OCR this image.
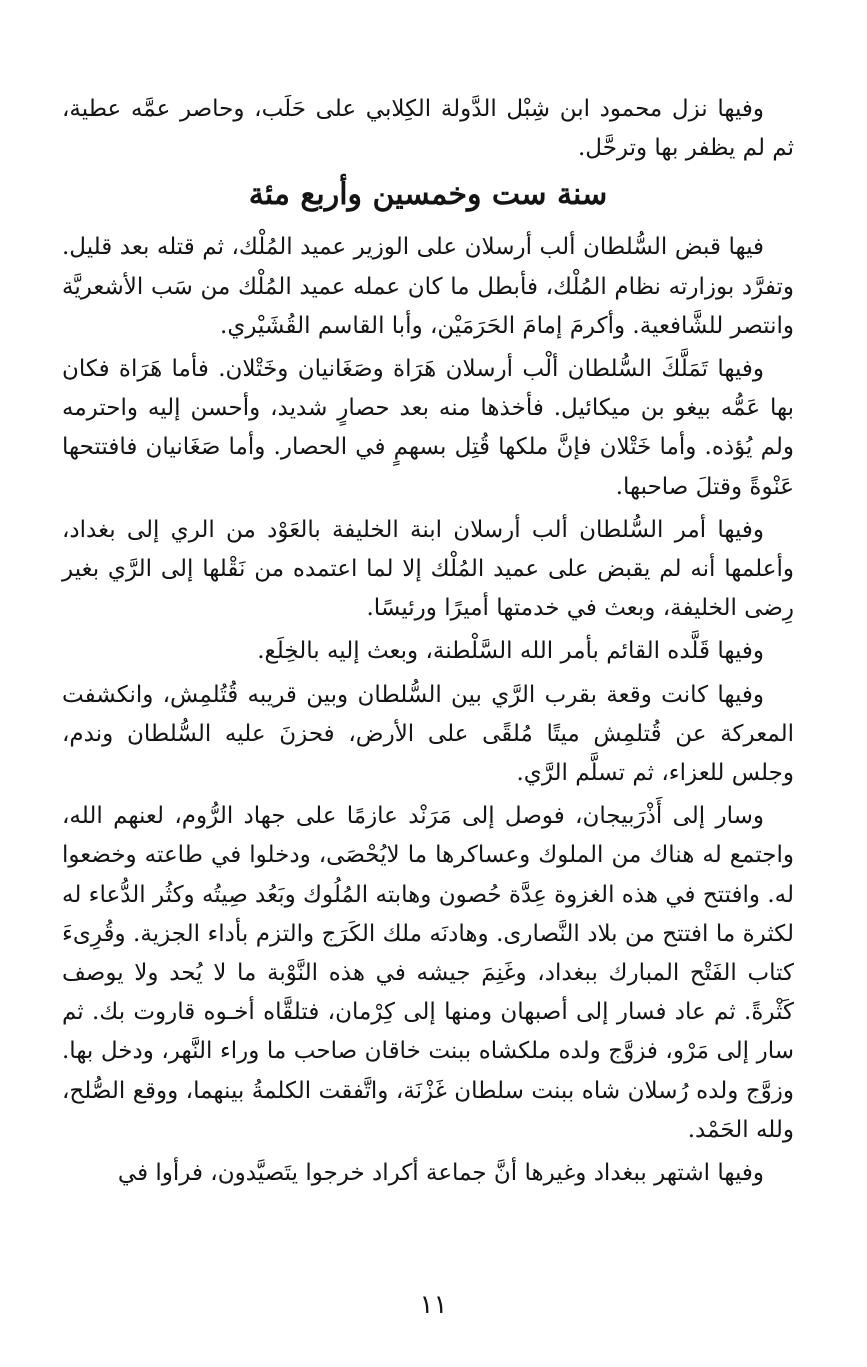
وفيها نزل محمود ابن شِبْل الدَّولة الكِلابي على حَلَب، وحاصر عمَّه عطية، ثم لم يظفر بها وترحَّل.

سنة ست وخمسين وأربع مئة

فيها قبض السُّلطان ألب أرسلان على الوزير عميد المُلْك، ثم قتله بعد قليل. وتفرَّد بوزارته نظام المُلْك، فأبطل ما كان عمله عميد المُلْك من سَب الأشعريَّة وانتصر للشَّافعية. وأكرمَ إمامَ الحَرَمَيْن، وأبا القاسم القُشَيْري.

وفيها تَمَلَّكَ السُّلطان ألْب أرسلان هَرَاة وصَغَانيان وخَتْلان. فأما هَرَاة فكان بها عَمُّه بيغو بن ميكائيل. فأخذها منه بعد حصارٍ شديد، وأحسن إليه واحترمه ولم يُؤذه. وأما خَتْلان فإنَّ ملكها قُتِل بسهمٍ في الحصار. وأما صَغَانيان فافتتحها عَنْوةً وقتلَ صاحبها.

وفيها أمر السُّلطان ألب أرسلان ابنة الخليفة بالعَوْد من الري إلى بغداد، وأعلمها أنه لم يقبض على عميد المُلْك إلا لما اعتمده من نَقْلها إلى الرَّي بغير رِضى الخليفة، وبعث في خدمتها أميرًا ورئيسًا.

وفيها قَلَّده القائم بأمر الله السَّلْطنة، وبعث إليه بالخِلَع.

وفيها كانت وقعة بقرب الرَّي بين السُّلطان وبين قريبه قُتُلمِش، وانكشفت المعركة عن قُتلمِش ميتًا مُلقًى على الأرض، فحزنَ عليه السُّلطان وندم، وجلس للعزاء، ثم تسلَّم الرَّي.

وسار إلى أَذْرَبيجان، فوصل إلى مَرَنْد عازمًا على جهاد الرُّوم، لعنهم الله، واجتمع له هناك من الملوك وعساكرها ما لايُحْصَى، ودخلوا في طاعته وخضعوا له. وافتتح في هذه الغزوة عِدَّة حُصون وهابته المُلُوك وبَعُد صِيتُه وكثُر الدُّعاء له لكثرة ما افتتح من بلاد النَّصارى. وهادنَه ملك الكَرَج والتزم بأداء الجزية. وقُرِىءَ كتاب الفَتْح المبارك ببغداد، وغَنِمَ جيشه في هذه النَّوْبة ما لا يُحد ولا يوصف كَثْرةً. ثم عاد فسار إلى أصبهان ومنها إلى كِرْمان، فتلقَّاه أخـوه قاروت بك. ثم سار إلى مَرْو، فزوَّج ولده ملكشاه ببنت خاقان صاحب ما وراء النَّهر، ودخل بها. وزوَّج ولده رُسلان شاه ببنت سلطان غَزْنَة، واتَّفقت الكلمةُ بينهما، ووقع الصُّلح، ولله الحَمْد.

وفيها اشتهر ببغداد وغيرها أنَّ جماعة أكراد خرجوا يتَصيَّدون، فرأوا في

١١
